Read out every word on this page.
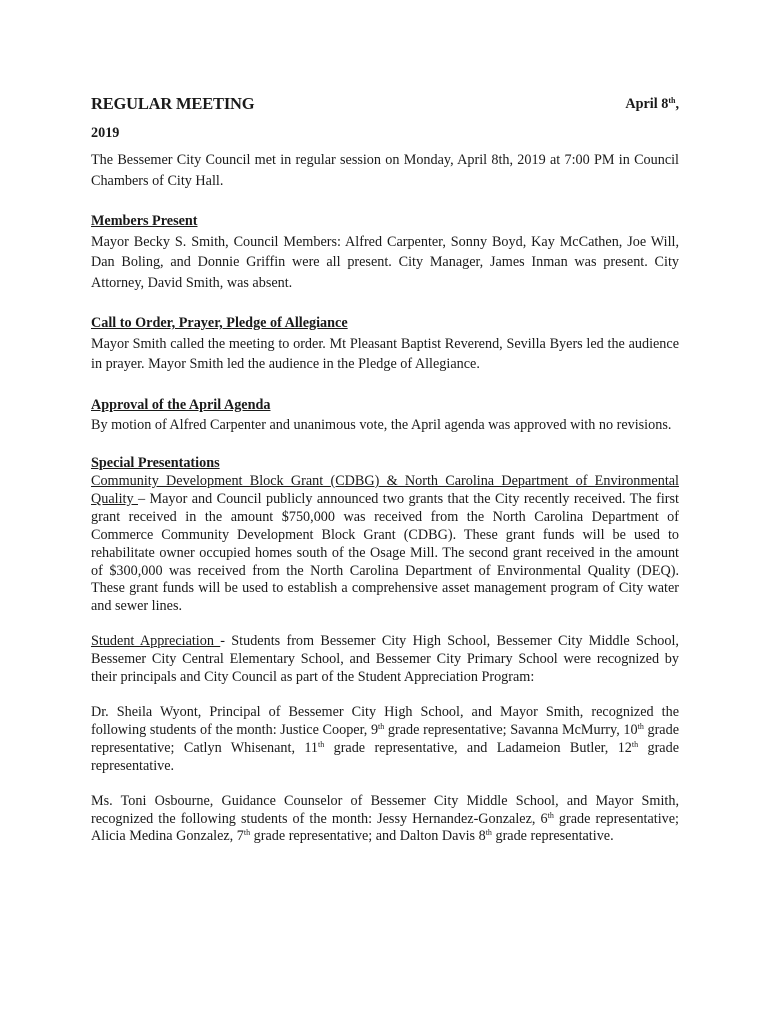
REGULAR MEETING	April 8th,
2019

The Bessemer City Council met in regular session on Monday, April 8th, 2019 at 7:00 PM in Council Chambers of City Hall.

Members Present

Mayor Becky S. Smith, Council Members: Alfred Carpenter, Sonny Boyd, Kay McCathen, Joe Will, Dan Boling, and Donnie Griffin were all present. City Manager, James Inman was present. City Attorney, David Smith, was absent.

Call to Order, Prayer, Pledge of Allegiance

Mayor Smith called the meeting to order. Mt Pleasant Baptist Reverend, Sevilla Byers led the audience in prayer. Mayor Smith led the audience in the Pledge of Allegiance.

Approval of the April Agenda

By motion of Alfred Carpenter and unanimous vote, the April agenda was approved with no revisions.

Special Presentations

Community Development Block Grant (CDBG) & North Carolina Department of Environmental Quality – Mayor and Council publicly announced two grants that the City recently received. The first grant received in the amount $750,000 was received from the North Carolina Department of Commerce Community Development Block Grant (CDBG). These grant funds will be used to rehabilitate owner occupied homes south of the Osage Mill. The second grant received in the amount of $300,000 was received from the North Carolina Department of Environmental Quality (DEQ). These grant funds will be used to establish a comprehensive asset management program of City water and sewer lines.

Student Appreciation - Students from Bessemer City High School, Bessemer City Middle School, Bessemer City Central Elementary School, and Bessemer City Primary School were recognized by their principals and City Council as part of the Student Appreciation Program:

Dr. Sheila Wyont, Principal of Bessemer City High School, and Mayor Smith, recognized the following students of the month: Justice Cooper, 9th grade representative; Savanna McMurry, 10th grade representative; Catlyn Whisenant, 11th grade representative, and Ladameion Butler, 12th grade representative.

Ms. Toni Osbourne, Guidance Counselor of Bessemer City Middle School, and Mayor Smith, recognized the following students of the month: Jessy Hernandez-Gonzalez, 6th grade representative; Alicia Medina Gonzalez, 7th grade representative; and Dalton Davis 8th grade representative.
